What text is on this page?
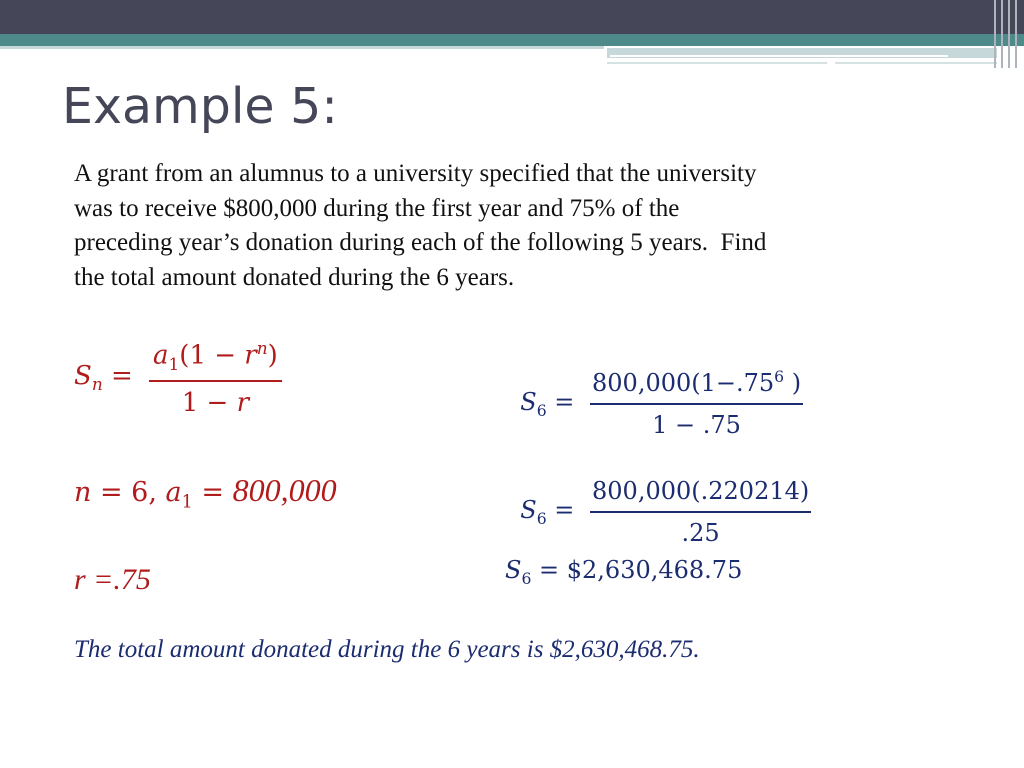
Example 5:
A grant from an alumnus to a university specified that the university
was to receive $800,000 during the first year and 75% of the
preceding year’s donation during each of the following 5 years.  Find
the total amount donated during the 6 years.
$S_n = \frac{a_1(1 - r^n)}{1 - r}$
n = 6, $a_1 = 800,000$
r =.75

$S_6 = \frac{800,000(1-.75^6 )}{1 - .75}$

$S_6 = \frac{800,000(.220214)}{.25}$

$S_6$ = $2,630,468.75
The total amount donated during the 6 years is $2,630,468.75.
